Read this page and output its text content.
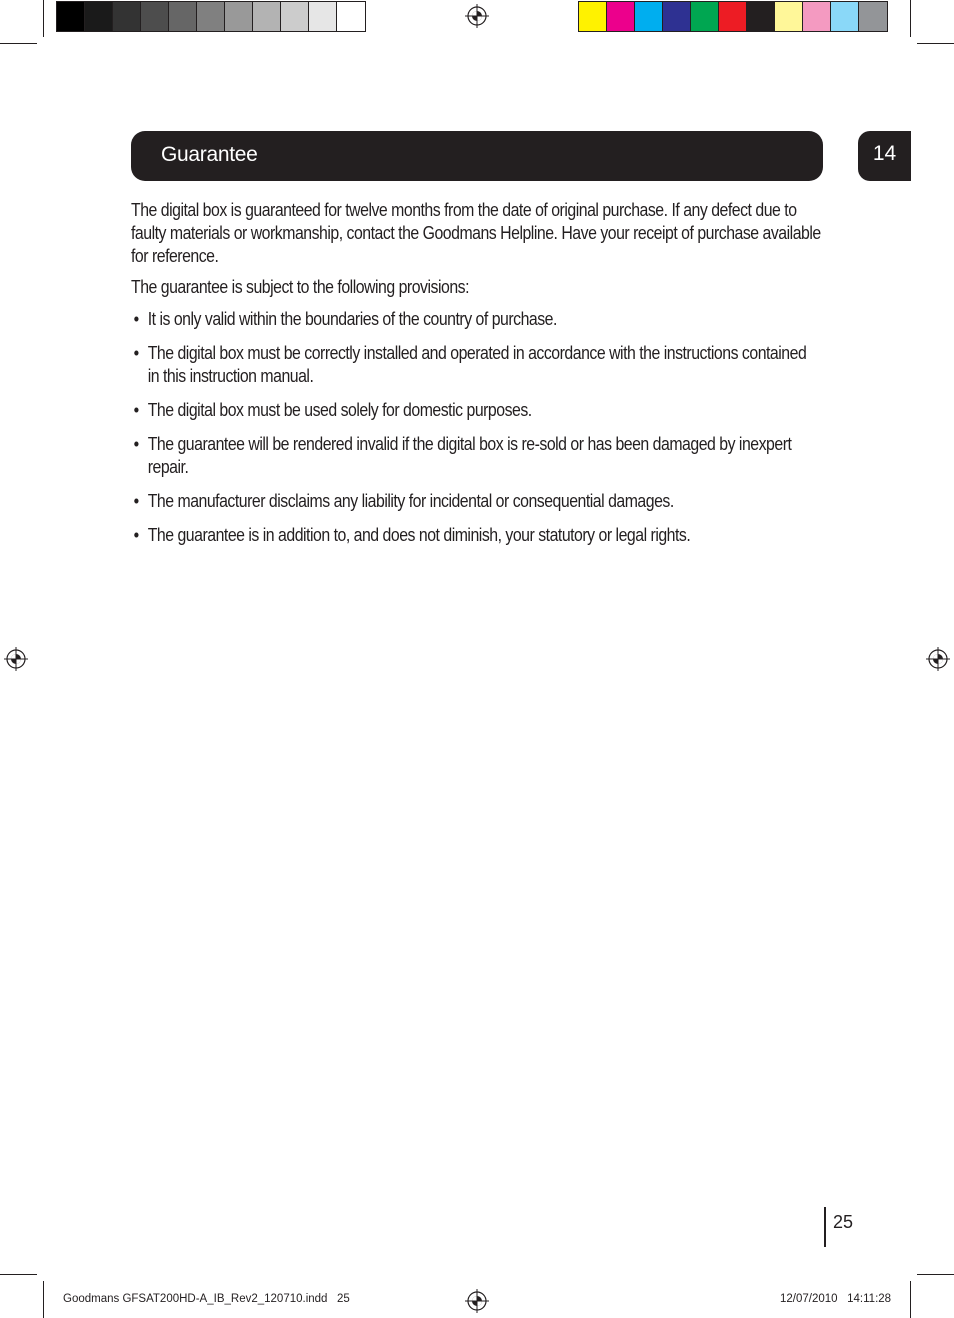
Guarantee	14

The digital box is guaranteed for twelve months from the date of original purchase. If any defect due to faulty materials or workmanship, contact the Goodmans Helpline. Have your receipt of purchase available for reference.

The guarantee is subject to the following provisions:

• It is only valid within the boundaries of the country of purchase.
• The digital box must be correctly installed and operated in accordance with the instructions contained in this instruction manual.
• The digital box must be used solely for domestic purposes.
• The guarantee will be rendered invalid if the digital box is re-sold or has been damaged by inexpert repair.
• The manufacturer disclaims any liability for incidental or consequential damages.
• The guarantee is in addition to, and does not diminish, your statutory or legal rights.
25
Goodmans GFSAT200HD-A_IB_Rev2_120710.indd   25	12/07/2010   14:11:28
